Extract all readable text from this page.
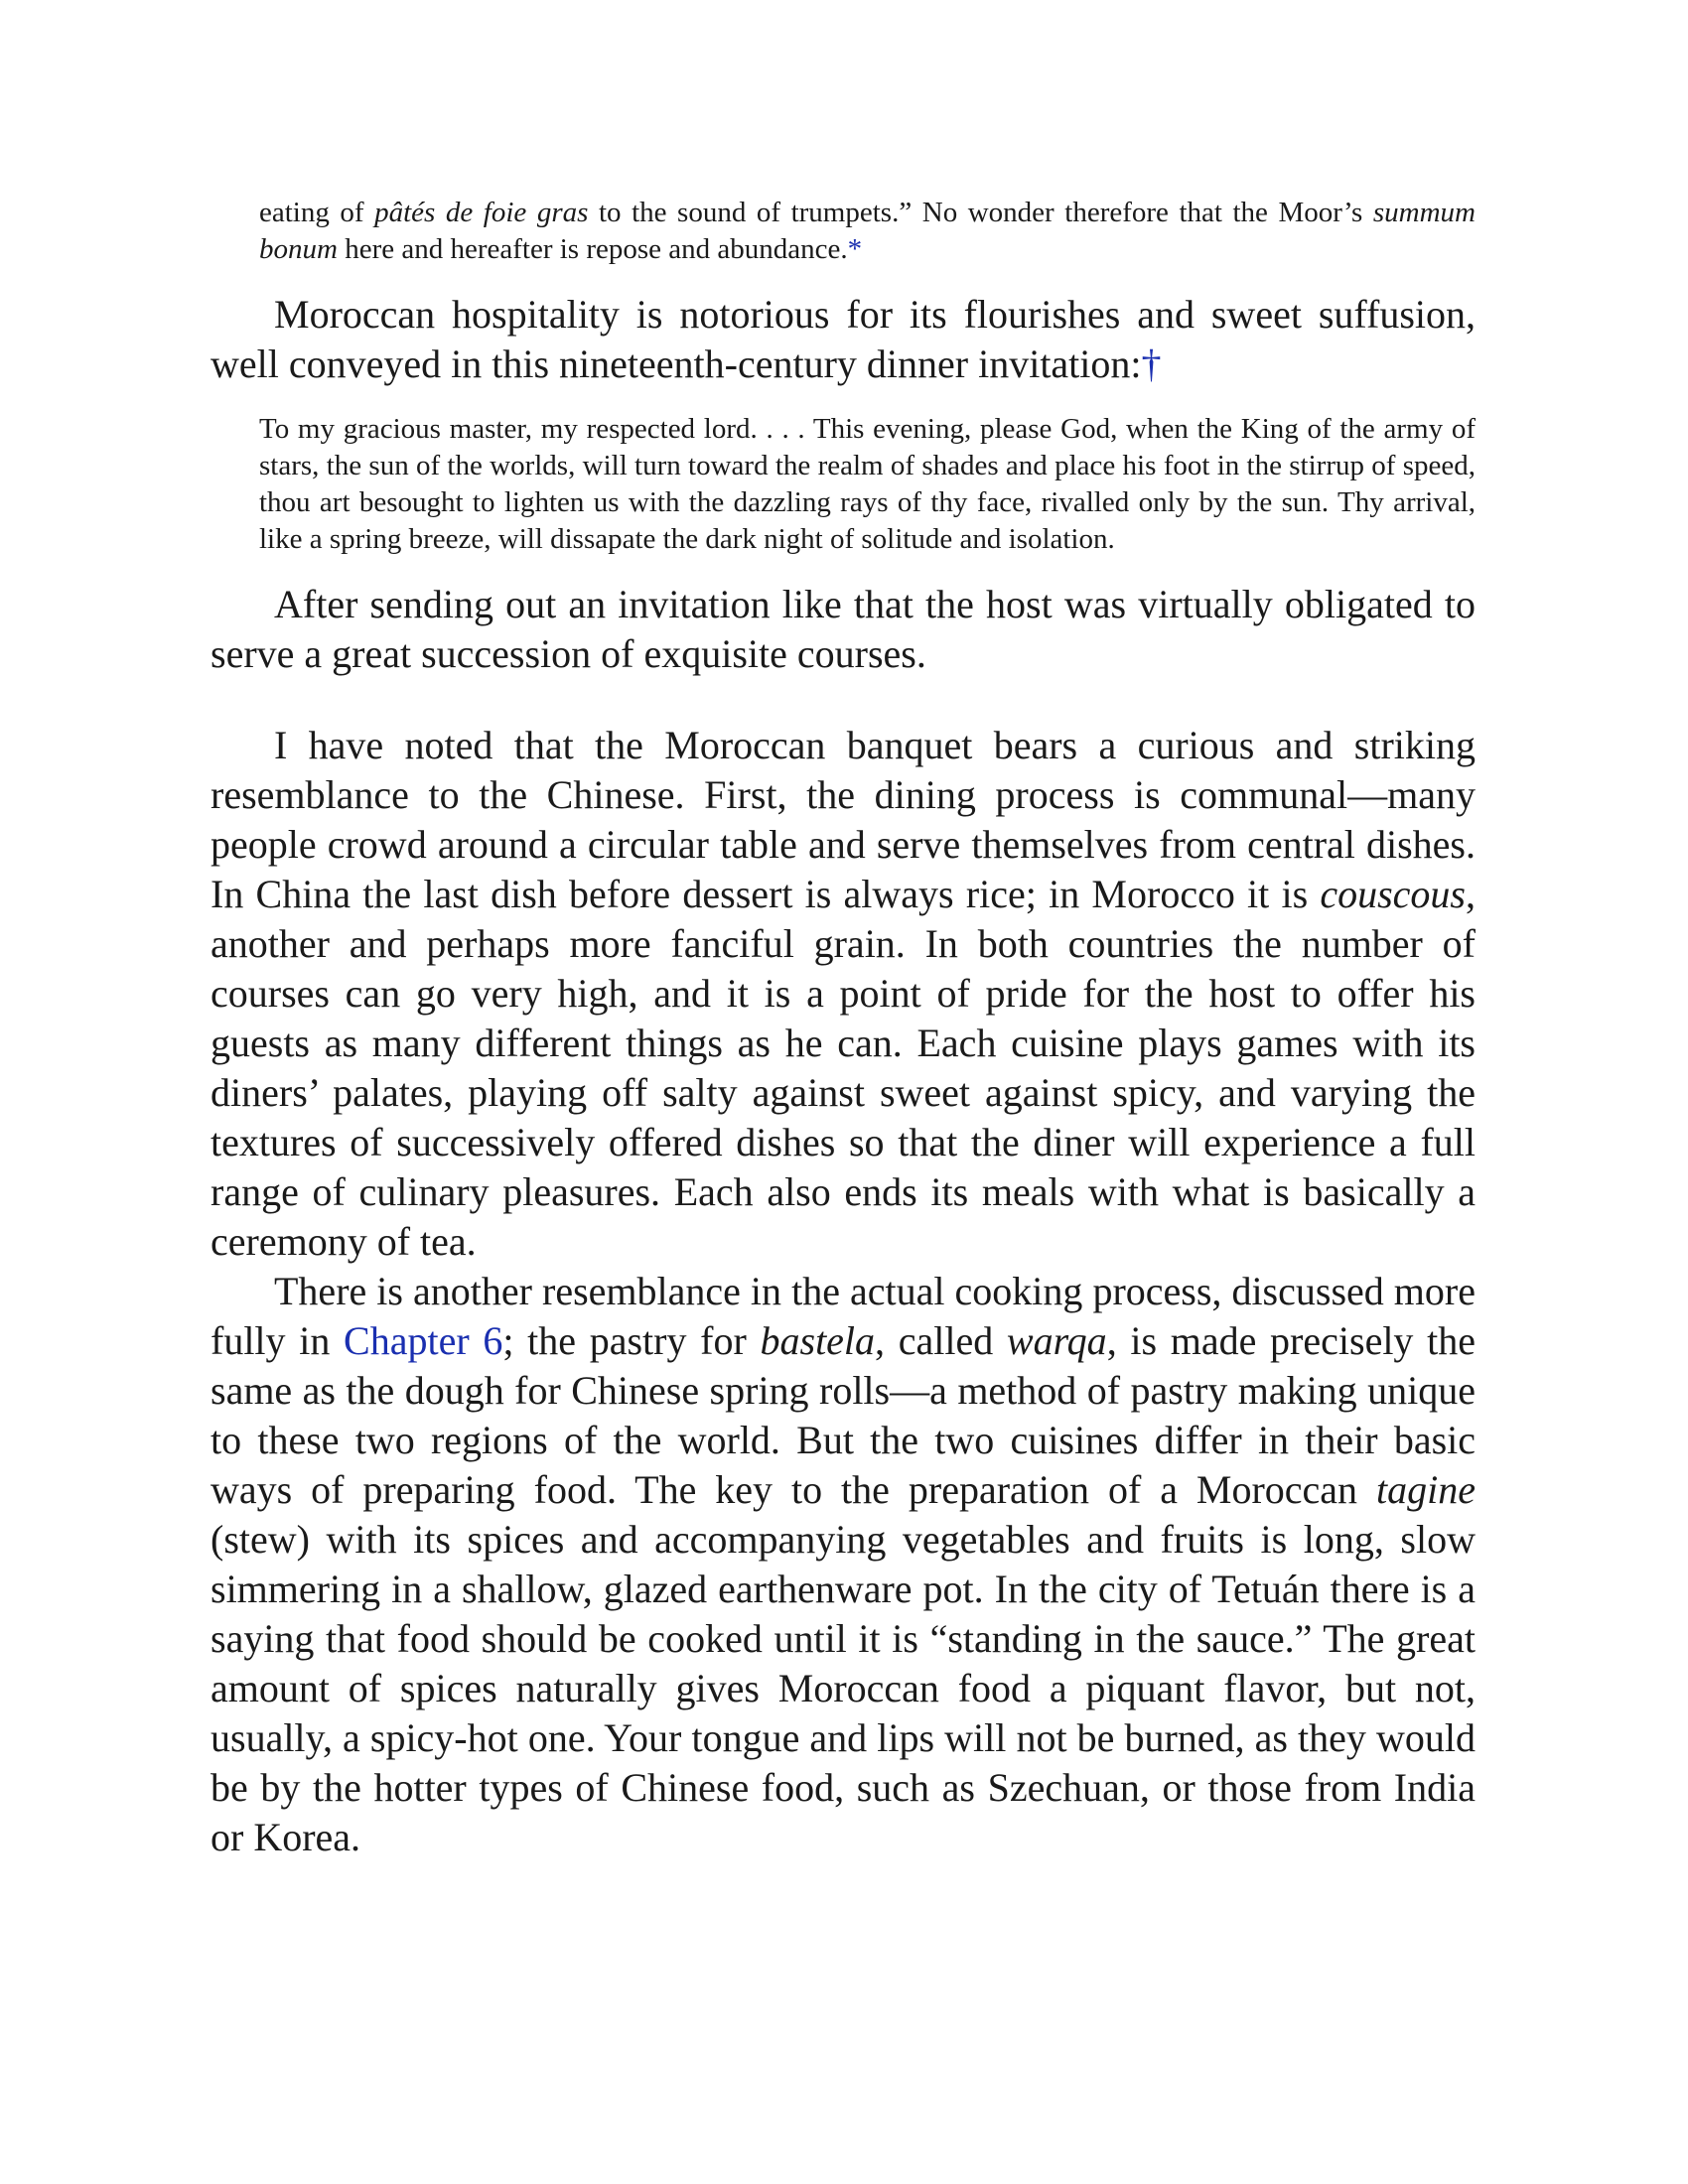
eating of pâtés de foie gras to the sound of trumpets.” No wonder therefore that the Moor’s summum bonum here and hereafter is repose and abundance.*

Moroccan hospitality is notorious for its flourishes and sweet suffusion, well conveyed in this nineteenth-century dinner invitation:†

To my gracious master, my respected lord. . . . This evening, please God, when the King of the army of stars, the sun of the worlds, will turn toward the realm of shades and place his foot in the stirrup of speed, thou art besought to lighten us with the dazzling rays of thy face, rivalled only by the sun. Thy arrival, like a spring breeze, will dissapate the dark night of solitude and isolation.

After sending out an invitation like that the host was virtually obligated to serve a great succession of exquisite courses.

I have noted that the Moroccan banquet bears a curious and striking resemblance to the Chinese. First, the dining process is communal—many people crowd around a circular table and serve themselves from central dishes. In China the last dish before dessert is always rice; in Morocco it is couscous, another and perhaps more fanciful grain. In both countries the number of courses can go very high, and it is a point of pride for the host to offer his guests as many different things as he can. Each cuisine plays games with its diners’ palates, playing off salty against sweet against spicy, and varying the textures of successively offered dishes so that the diner will experience a full range of culinary pleasures. Each also ends its meals with what is basically a ceremony of tea.

There is another resemblance in the actual cooking process, discussed more fully in Chapter 6; the pastry for bastela, called warqa, is made precisely the same as the dough for Chinese spring rolls—a method of pastry making unique to these two regions of the world. But the two cuisines differ in their basic ways of preparing food. The key to the preparation of a Moroccan tagine (stew) with its spices and accompanying vegetables and fruits is long, slow simmering in a shallow, glazed earthenware pot. In the city of Tetuán there is a saying that food should be cooked until it is “standing in the sauce.” The great amount of spices naturally gives Moroccan food a piquant flavor, but not, usually, a spicy-hot one. Your tongue and lips will not be burned, as they would be by the hotter types of Chinese food, such as Szechuan, or those from India or Korea.
